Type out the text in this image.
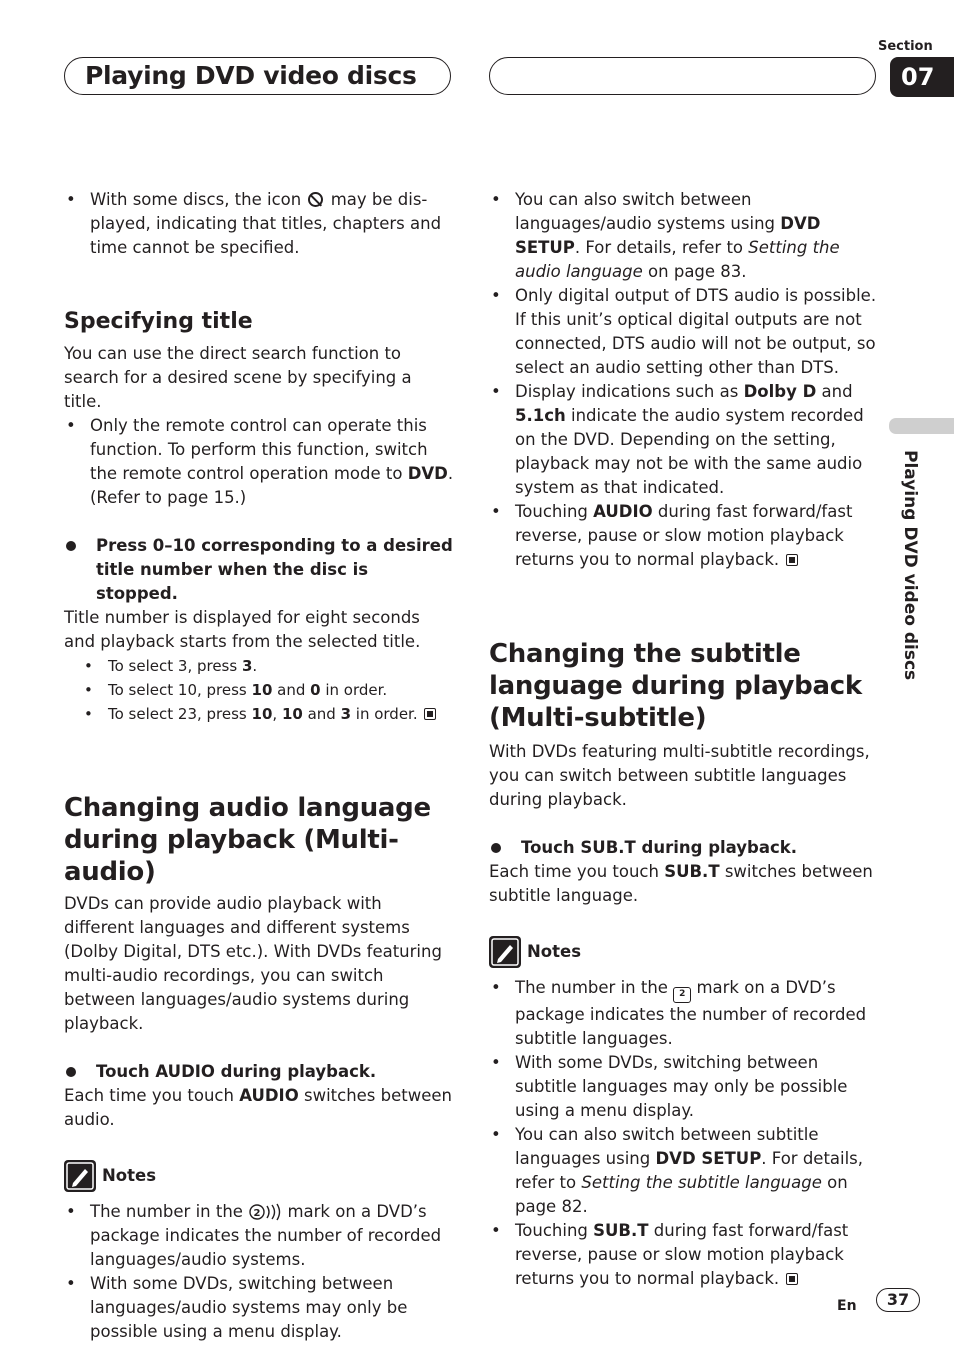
Playing DVD video discs
Section
07
Playing DVD video discs
• With some discs, the icon may be dis-played, indicating that titles, chapters and time cannot be specified.

Specifying title

You can use the direct search function to search for a desired scene by specifying a title.

• Only the remote control can operate this function. To perform this function, switch the remote control operation mode to DVD. (Refer to page 15.)

Press 0–10 corresponding to a desired title number when the disc is stopped.

Title number is displayed for eight seconds and playback starts from the selected title.

• To select 3, press 3.
• To select 10, press 10 and 0 in order.
• To select 23, press 10, 10 and 3 in order.

Changing audio language during playback (Multi-audio)

DVDs can provide audio playback with different languages and different systems (Dolby Digital, DTS etc.). With DVDs featuring multi-audio recordings, you can switch between languages/audio systems during playback.

Touch AUDIO during playback.

Each time you touch AUDIO switches between audio.

Notes
• The number in the 2 mark on a DVD’s package indicates the number of recorded languages/audio systems.
• With some DVDs, switching between languages/audio systems may only be possible using a menu display.
• You can also switch between languages/audio systems using DVD SETUP. For details, refer to Setting the audio language on page 83.
• Only digital output of DTS audio is possible. If this unit’s optical digital outputs are not connected, DTS audio will not be output, so select an audio setting other than DTS.
• Display indications such as Dolby D and 5.1ch indicate the audio system recorded on the DVD. Depending on the setting, playback may not be with the same audio system as that indicated.
• Touching AUDIO during fast forward/fast reverse, pause or slow motion playback returns you to normal playback.

Changing the subtitle language during playback (Multi-subtitle)

With DVDs featuring multi-subtitle recordings, you can switch between subtitle languages during playback.

Touch SUB.T during playback.

Each time you touch SUB.T switches between subtitle language.

Notes
• The number in the 2 mark on a DVD’s package indicates the number of recorded subtitle languages.
• With some DVDs, switching between subtitle languages may only be possible using a menu display.
• You can also switch between subtitle languages using DVD SETUP. For details, refer to Setting the subtitle language on page 82.
• Touching SUB.T during fast forward/fast reverse, pause or slow motion playback returns you to normal playback.
En	37
